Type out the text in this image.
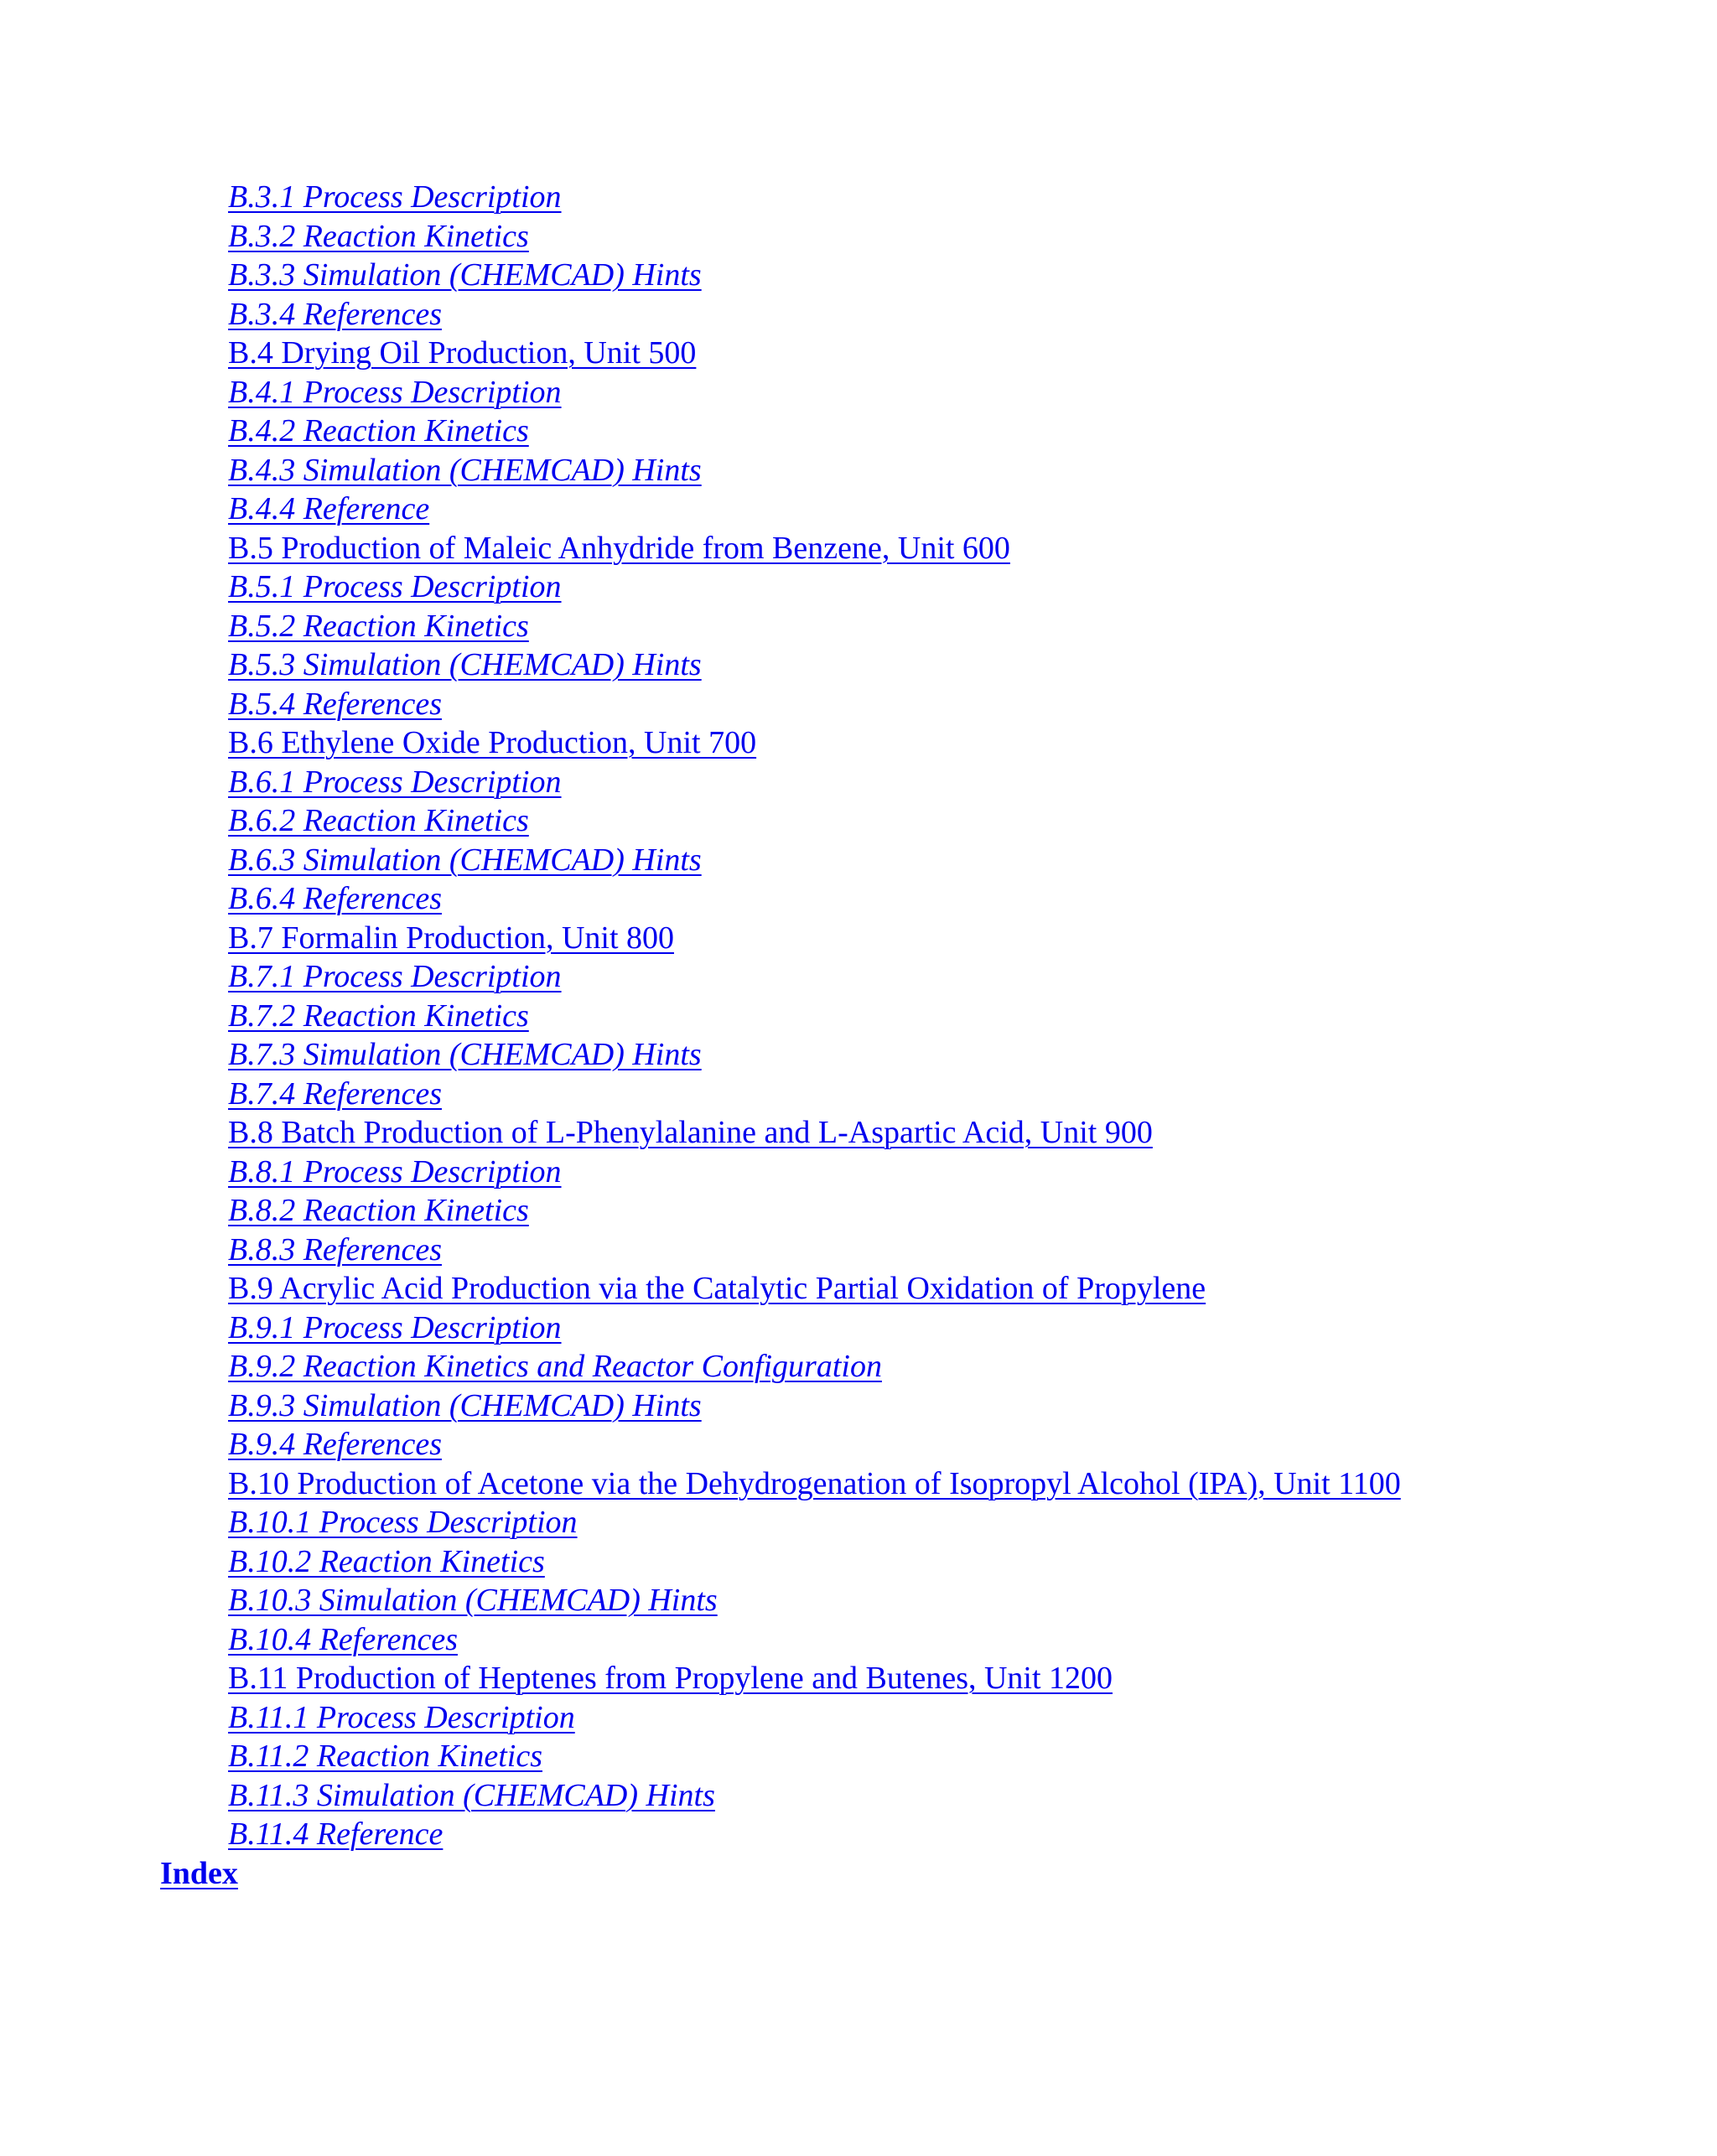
B.3.1 Process Description
B.3.2 Reaction Kinetics
B.3.3 Simulation (CHEMCAD) Hints
B.3.4 References
B.4 Drying Oil Production, Unit 500
B.4.1 Process Description
B.4.2 Reaction Kinetics
B.4.3 Simulation (CHEMCAD) Hints
B.4.4 Reference
B.5 Production of Maleic Anhydride from Benzene, Unit 600
B.5.1 Process Description
B.5.2 Reaction Kinetics
B.5.3 Simulation (CHEMCAD) Hints
B.5.4 References
B.6 Ethylene Oxide Production, Unit 700
B.6.1 Process Description
B.6.2 Reaction Kinetics
B.6.3 Simulation (CHEMCAD) Hints
B.6.4 References
B.7 Formalin Production, Unit 800
B.7.1 Process Description
B.7.2 Reaction Kinetics
B.7.3 Simulation (CHEMCAD) Hints
B.7.4 References
B.8 Batch Production of L-Phenylalanine and L-Aspartic Acid, Unit 900
B.8.1 Process Description
B.8.2 Reaction Kinetics
B.8.3 References
B.9 Acrylic Acid Production via the Catalytic Partial Oxidation of Propylene
B.9.1 Process Description
B.9.2 Reaction Kinetics and Reactor Configuration
B.9.3 Simulation (CHEMCAD) Hints
B.9.4 References
B.10 Production of Acetone via the Dehydrogenation of Isopropyl Alcohol (IPA), Unit 1100
B.10.1 Process Description
B.10.2 Reaction Kinetics
B.10.3 Simulation (CHEMCAD) Hints
B.10.4 References
B.11 Production of Heptenes from Propylene and Butenes, Unit 1200
B.11.1 Process Description
B.11.2 Reaction Kinetics
B.11.3 Simulation (CHEMCAD) Hints
B.11.4 Reference
Index
